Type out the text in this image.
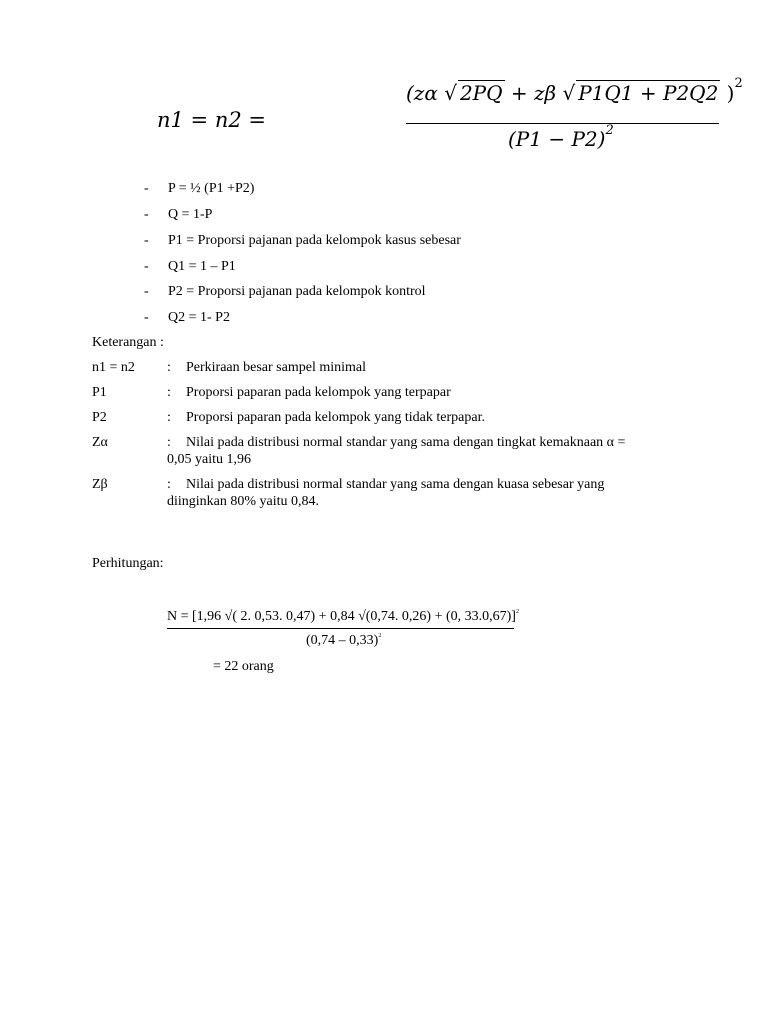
n1 = n2 =
(zα √ 2PQ + zβ √ P1Q1 + P2Q2 )$^2$
$(P1 - P2)^2$
- P = ½ (P1 +P2)
- Q = 1-P
- P1 = Proporsi pajanan pada kelompok kasus sebesar
- Q1 = 1 – P1
- P2 = Proporsi pajanan pada kelompok kontrol
- Q2 = 1- P2
Keterangan :
n1 = n2 : Perkiraan besar sampel minimal
P1	: Proporsi paparan pada kelompok yang terpapar
P2	: Proporsi paparan pada kelompok yang tidak terpapar.
Zα	: Nilai pada distribusi normal standar yang sama dengan tingkat kemaknaan α =
0,05 yaitu 1,96
Zβ	: Nilai pada distribusi normal standar yang sama dengan kuasa sebesar yang
diinginkan 80% yaitu 0,84.
Perhitungan:
N = [1,96 √( 2. 0,53. 0,47) + 0,84 √(0,74. 0,26) + (0, 33.0,67)]$^2$
(0,74 – 0,33)$^2$
= 22 orang
